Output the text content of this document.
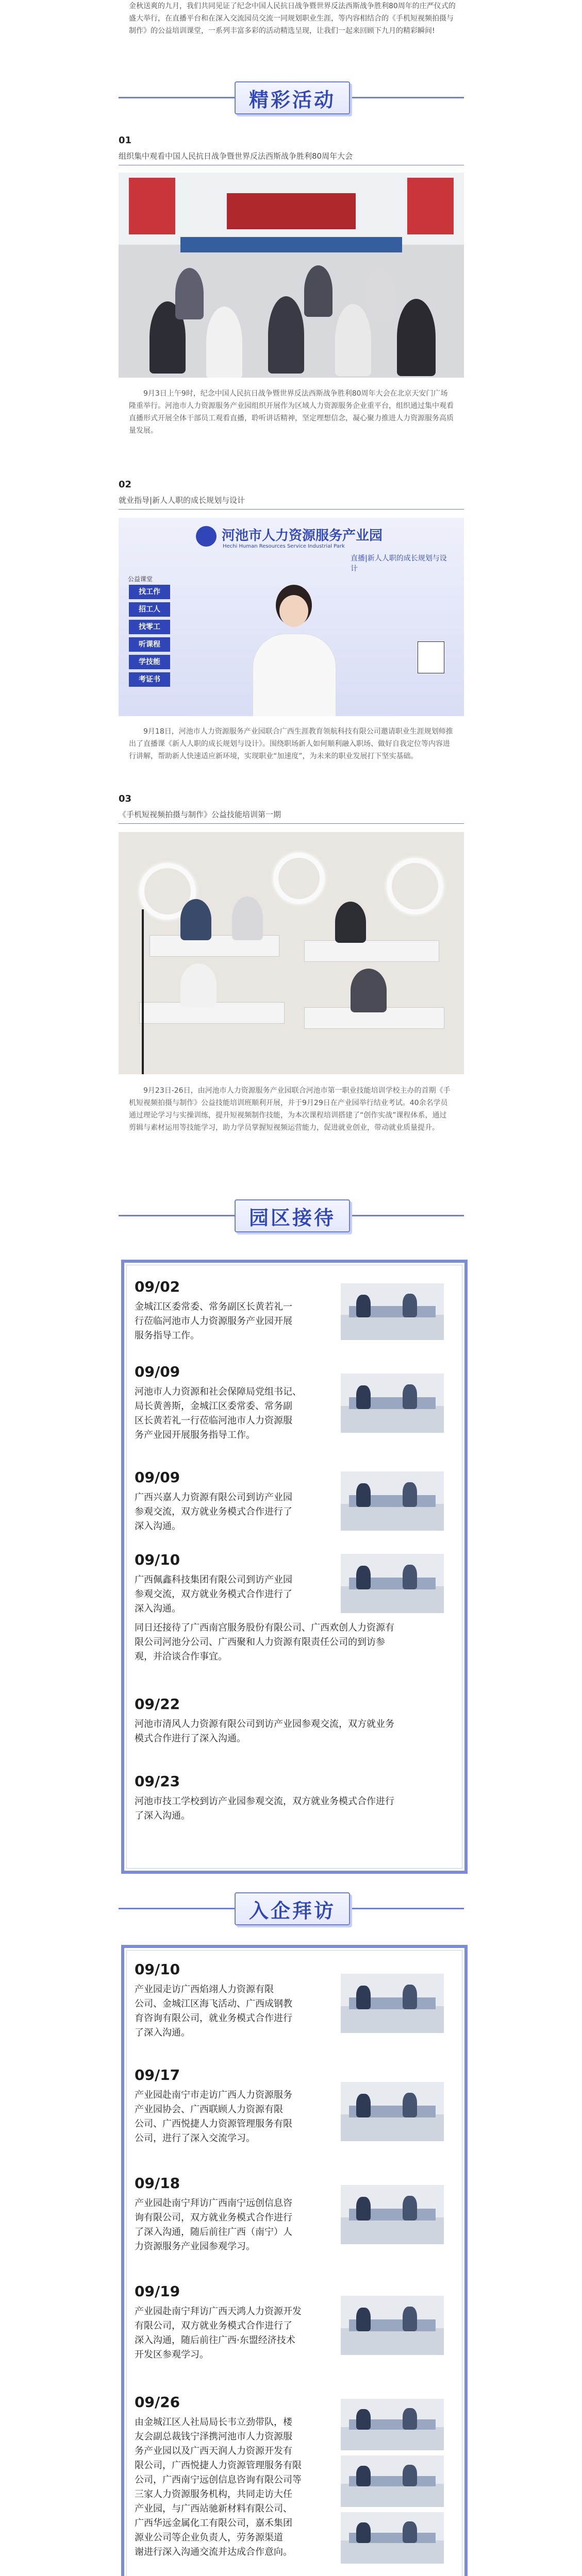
金秋送爽的九月，我们共同见证了纪念中国人民抗日战争暨世界反法西斯战争胜利80周年的庄严仪式的盛大举行，在直播平台和在深入交流园员交流一同规划职业生涯，等内容相结合的《手机短视频拍摄与制作》的公益培训课堂，一系列丰富多彩的活动精选呈现，让我们一起来回顾下九月的精彩瞬间!
精彩活动
01
组织集中观看中国人民抗日战争暨世界反法西斯战争胜利80周年大会
9月3日上午9时，纪念中国人民抗日战争暨世界反法西斯战争胜利80周年大会在北京天安门广场隆重举行。河池市人力资源服务产业园组织开展作为区域人力资源服务企业重平台，组织通过集中观看直播形式开展全体干部员工观看直播，聆听讲话精神，坚定理想信念，凝心聚力推进人力资源服务高质量发展。
02
就业指导|新人人职的成长规划与设计
河池市人力资源服务产业园
Hechi Human Resources Service Industrial Park
直播|新人人职的成长规划与设计
公益课堂
找工作
招工人
找零工
听课程
学技能
考证书
9月18日，河池市人力资源服务产业园联合广西生涯教育领航科技有限公司邀请职业生涯规划师推出了直播课《新人人职的成长规划与设计》。围绕职场新人如何顺利融入职场、做好自我定位等内容进行讲解，帮助新人快速适应新环境，实现职业“加速度”，为未来的职业发展打下坚实基础。
03
《手机短视频拍摄与制作》公益技能培训第一期
9月23日-26日，由河池市人力资源服务产业园联合河池市第一职业技能培训学校主办的首期《手机短视频拍摄与制作》公益技能培训班顺利开展，并于9月29日在产业园举行结业考试。40余名学员通过理论学习与实操训练，提升短视频制作技能，为本次课程培训搭建了“创作实战”课程体系，通过剪辑与素材运用等技能学习，助力学员掌握短视频运营能力，促进就业创业，带动就业质量提升。
园区接待
09/02
金城江区委常委、常务副区长黄若礼一
行莅临河池市人力资源服务产业园开展
服务指导工作。
09/09
河池市人力资源和社会保障局党组书记、
局长黄善斯，金城江区委常委、常务副
区长黄若礼一行莅临河池市人力资源服
务产业园开展服务指导工作。
09/09
广西兴嘉人力资源有限公司到访产业园
参观交流，双方就业务模式合作进行了
深入沟通。
09/10
广西佩鑫科技集团有限公司到访产业园
参观交流，双方就业务模式合作进行了
深入沟通。
同日还接待了广西南宫服务股份有限公司、广西欢创人力资源有
限公司河池分公司、广西聚和人力资源有限责任公司的到访参
观，并洽谈合作事宜。
09/22
河池市清风人力资源有限公司到访产业园参观交流，双方就业务
模式合作进行了深入沟通。
09/23
河池市技工学校到访产业园参观交流，双方就业务模式合作进行
了深入沟通。
入企拜访
09/10
产业园走访广西焰翊人力资源有限
公司、金城江区海飞活动、广西成钢教
育咨询有限公司，就业务模式合作进行
了深入沟通。
09/17
产业园赴南宁市走访广西人力资源服务
产业园协会、广西联顾人力资源有限
公司、广西悦捷人力资源管理服务有限
公司，进行了深入交流学习。
09/18
产业园赴南宁拜访广西南宁远创信息咨
询有限公司，双方就业务模式合作进行
了深入沟通，随后前往广西（南宁）人
力资源服务产业园参观学习。
09/19
产业园赴南宁拜访广西天鸿人力资源开发
有限公司，双方就业务模式合作进行了
深入沟通，随后前往广西·东盟经济技术
开发区参观学习。
09/26
由金城江区人社局局长韦立劲带队，楼
友会副总裁钱宁泽携河池市人力资源服
务产业园以及广西天润人力资源开发有
限公司，广西悦捷人力资源管理服务有限
公司，广西南宁远创信息咨询有限公司等
三家人力资源服务机构，共同走访大任
产业园，与广西站驰新材料有限公司、
广西华远金属化工有限公司，嘉禾集团
源业公司等企业负责人，劳务源渠道
谢进行深入沟通交流并达成合作意向。
